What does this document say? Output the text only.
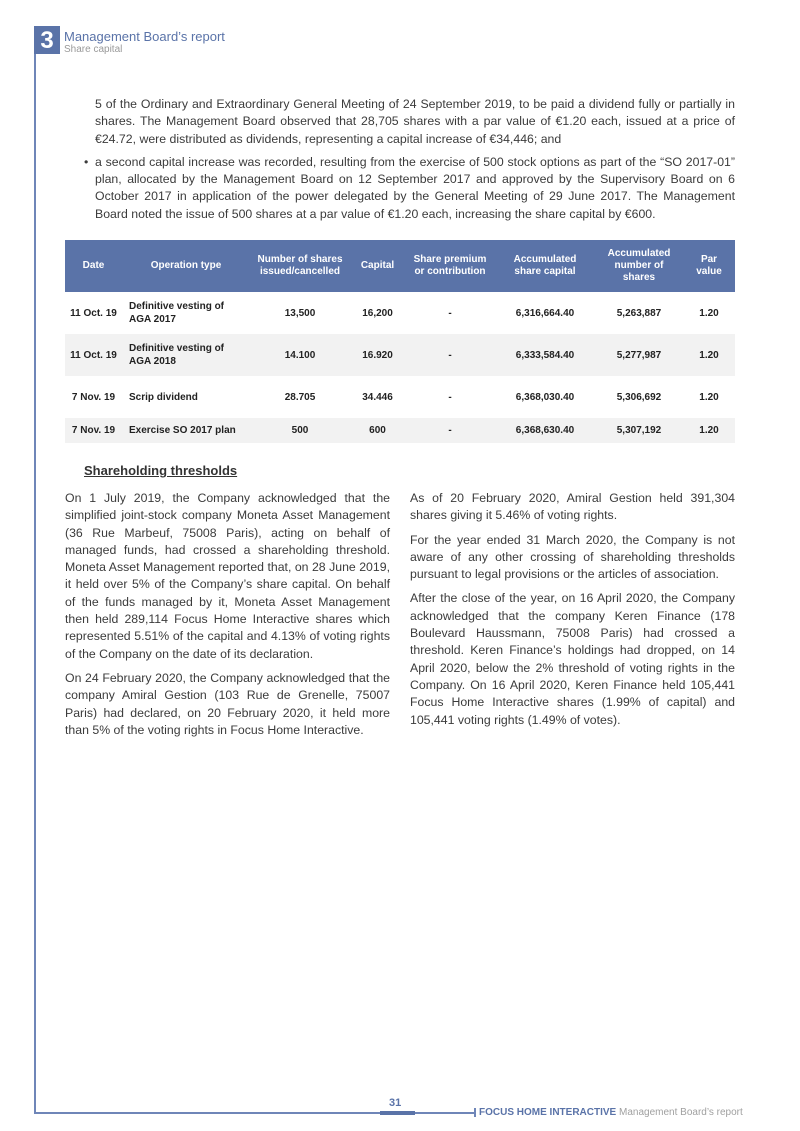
3 Management Board’s report
Share capital

5 of the Ordinary and Extraordinary General Meeting of 24 September 2019, to be paid a dividend fully or partially in shares. The Management Board observed that 28,705 shares with a par value of €1.20 each, issued at a price of €24.72, were distributed as dividends, representing a capital increase of €34,446; and

• a second capital increase was recorded, resulting from the exercise of 500 stock options as part of the “SO 2017-01” plan, allocated by the Management Board on 12 September 2017 and approved by the Supervisory Board on 6 October 2017 in application of the power delegated by the General Meeting of 29 June 2017. The Management Board noted the issue of 500 shares at a par value of €1.20 each, increasing the share capital by €600.

Date	Operation type	Number of shares issued/cancelled	Capital	Share premium or contribution	Accumulated share capital	Accumulated number of shares	Par value
11 Oct. 19	Definitive vesting of AGA 2017	13,500	16,200	-	6,316,664.40	5,263,887	1.20
11 Oct. 19	Definitive vesting of AGA 2018	14.100	16.920	-	6,333,584.40	5,277,987	1.20
7 Nov. 19	Scrip dividend	28.705	34.446	-	6,368,030.40	5,306,692	1.20
7 Nov. 19	Exercise SO 2017 plan	500	600	-	6,368,630.40	5,307,192	1.20
Shareholding thresholds

On 1 July 2019, the Company acknowledged that the simplified joint-stock company Moneta Asset Management (36 Rue Marbeuf, 75008 Paris), acting on behalf of managed funds, had crossed a shareholding threshold. Moneta Asset Management reported that, on 28 June 2019, it held over 5% of the Company’s share capital. On behalf of the funds managed by it, Moneta Asset Management then held 289,114 Focus Home Interactive shares which represented 5.51% of the capital and 4.13% of voting rights of the Company on the date of its declaration.

On 24 February 2020, the Company acknowledged that the company Amiral Gestion (103 Rue de Grenelle, 75007 Paris) had declared, on 20 February 2020, it held more than 5% of the voting rights in Focus Home Interactive.

As of 20 February 2020, Amiral Gestion held 391,304 shares giving it 5.46% of voting rights.

For the year ended 31 March 2020, the Company is not aware of any other crossing of shareholding thresholds pursuant to legal provisions or the articles of association.

After the close of the year, on 16 April 2020, the Company acknowledged that the company Keren Finance (178 Boulevard Haussmann, 75008 Paris) had crossed a threshold. Keren Finance’s holdings had dropped, on 14 April 2020, below the 2% threshold of voting rights in the Company. On 16 April 2020, Keren Finance held 105,441 Focus Home Interactive shares (1.99% of capital) and 105,441 voting rights (1.49% of votes).

31
FOCUS HOME INTERACTIVE Management Board’s report
